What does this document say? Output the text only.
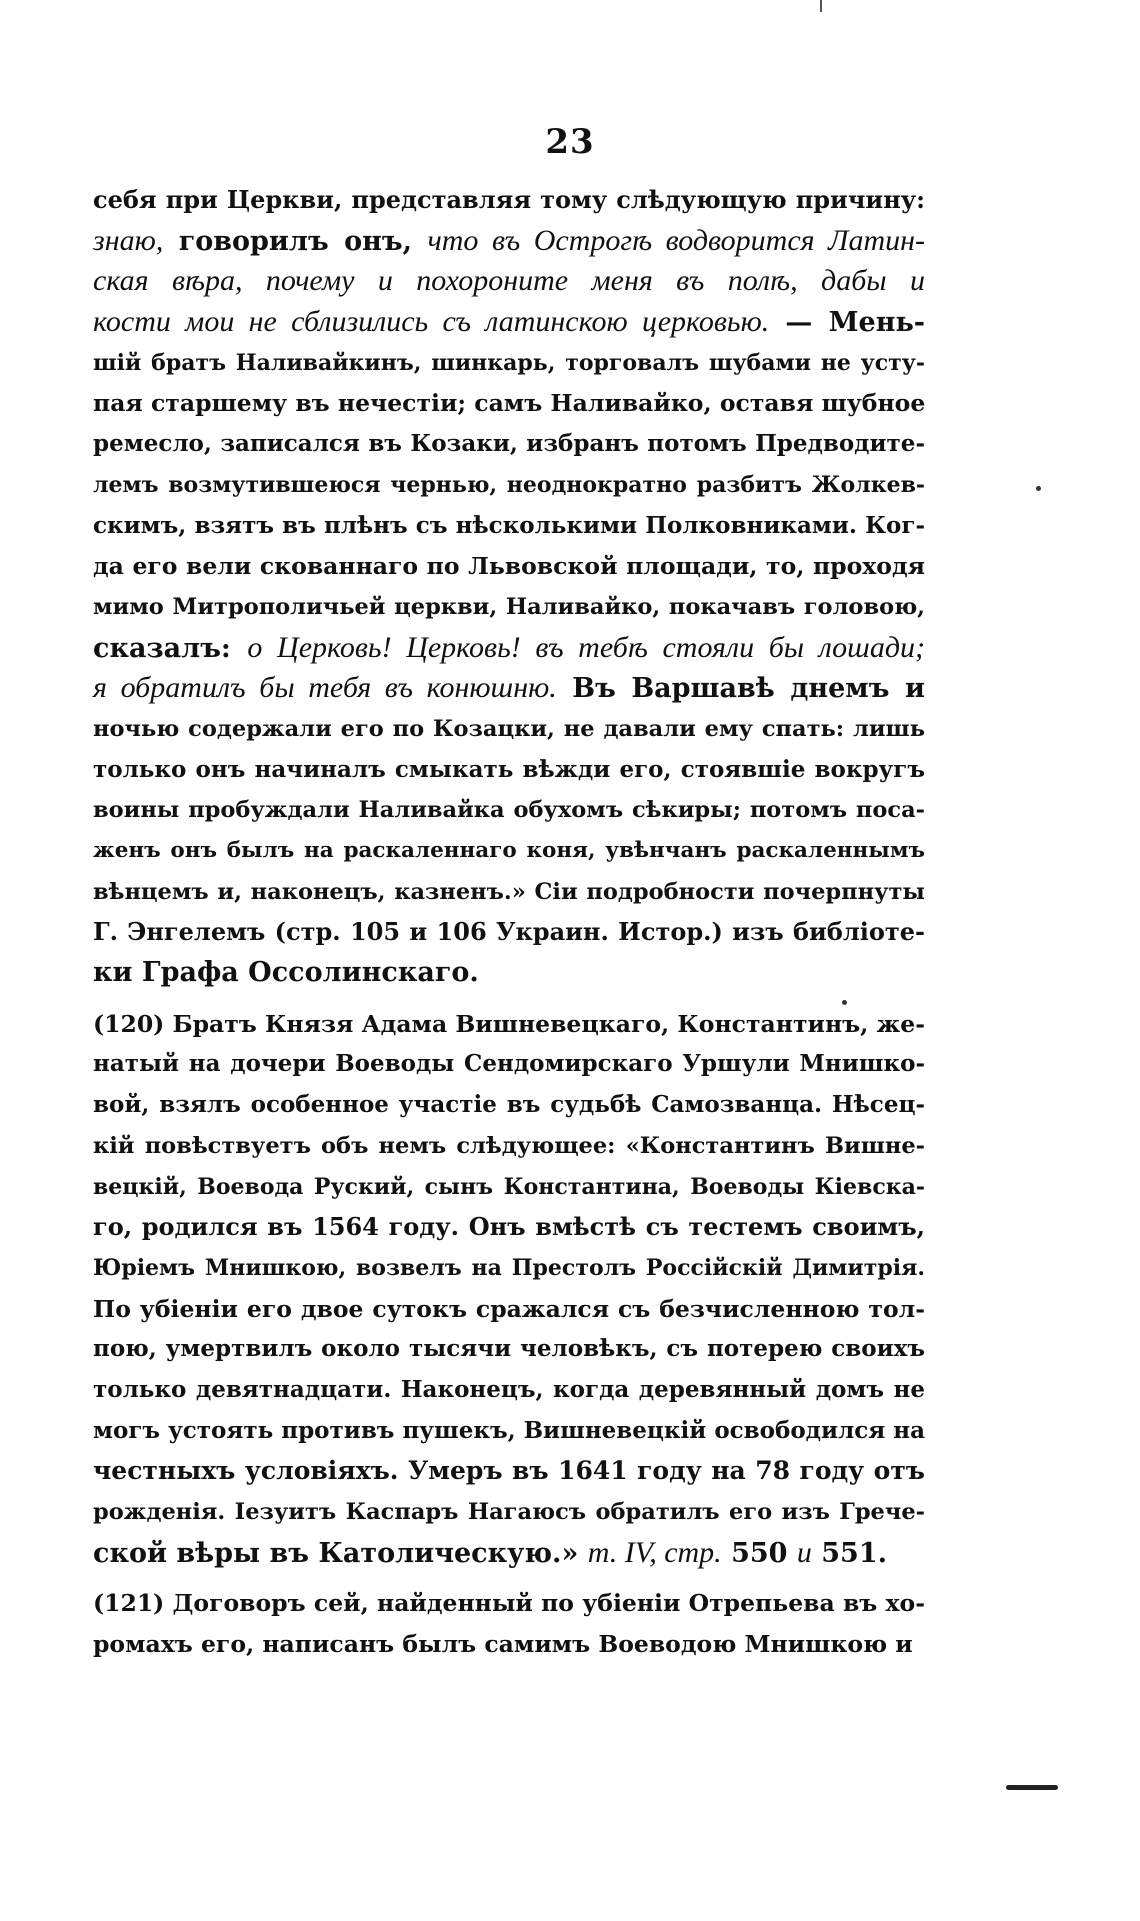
23
себя при Церкви, представляя тому слѣдующую причину:
знаю, говорилъ онъ, что въ Острогѣ водворится Латин-
ская вѣра, почему и похороните меня въ полѣ, дабы и
кости мои не сблизились съ латинскою церковью. — Мень-
шій братъ Наливайкинъ, шинкарь, торговалъ шубами не усту-
пая старшему въ нечестіи; самъ Наливайко, оставя шубное
ремесло, записался въ Козаки, избранъ потомъ Предводите-
лемъ возмутившеюся чернью, неоднократно разбитъ Жолкев-
скимъ, взятъ въ плѣнъ съ нѣсколькими Полковниками. Ког-
да его вели скованнаго по Львовской площади, то, проходя
мимо Митрополичьей церкви, Наливайко, покачавъ головою,
сказалъ: о Церковь! Церковь! въ тебѣ стояли бы лошади;
я обратилъ бы тебя въ конюшню. Въ Варшавѣ днемъ и
ночью содержали его по Козацки, не давали ему спать: лишь
только онъ начиналъ смыкать вѣжди его, стоявшіе вокругъ
воины пробуждали Наливайка обухомъ сѣкиры; потомъ поса-
женъ онъ былъ на раскаленнаго коня, увѣнчанъ раскаленнымъ
вѣнцемъ и, наконецъ, казненъ.» Сіи подробности почерпнуты
Г. Энгелемъ (стр. 105 и 106 Украин. Истор.) изъ библіоте-
ки Графа Оссолинскаго.
(120) Братъ Князя Адама Вишневецкаго, Константинъ, же-
натый на дочери Воеводы Сендомирскаго Уршули Мнишко-
вой, взялъ особенное участіе въ судьбѣ Самозванца. Нѣсец-
кій повѣствуетъ объ немъ слѣдующее: «Константинъ Вишне-
вецкій, Воевода Руский, сынъ Константина, Воеводы Кіевска-
го, родился въ 1564 году. Онъ вмѣстѣ съ тестемъ своимъ,
Юріемъ Мнишкою, возвелъ на Престолъ Россійскій Димитрія.
По убіеніи его двое сутокъ сражался съ безчисленною тол-
пою, умертвилъ около тысячи человѣкъ, съ потерею своихъ
только девятнадцати. Наконецъ, когда деревянный домъ не
могъ устоять противъ пушекъ, Вишневецкій освободился на
честныхъ условіяхъ. Умеръ въ 1641 году на 78 году отъ
рожденія. Іезуитъ Каспаръ Нагаюсъ обратилъ его изъ Грече-
ской вѣры въ Католическую.» т. IV, стр. 550 и 551.
(121) Договоръ сей, найденный по убіеніи Отрепьева въ хо-
ромахъ его, написанъ былъ самимъ Воеводою Мнишкою и
